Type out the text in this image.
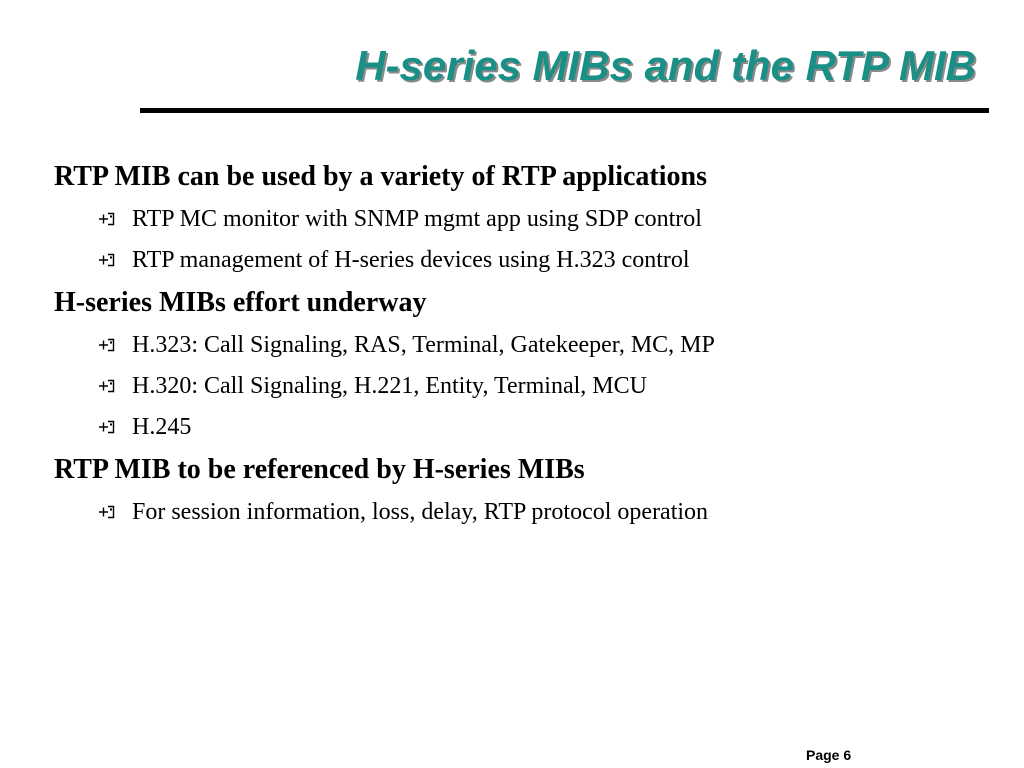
H-series MIBs and the RTP MIB
RTP MIB can be used by a variety of RTP applications
RTP MC monitor with SNMP mgmt app using SDP control
RTP management of H-series devices using H.323 control
H-series MIBs effort underway
H.323: Call Signaling, RAS, Terminal, Gatekeeper, MC, MP
H.320: Call Signaling, H.221, Entity, Terminal, MCU
H.245
RTP MIB to be referenced by H-series MIBs
For session information, loss, delay, RTP protocol operation
Page 6
